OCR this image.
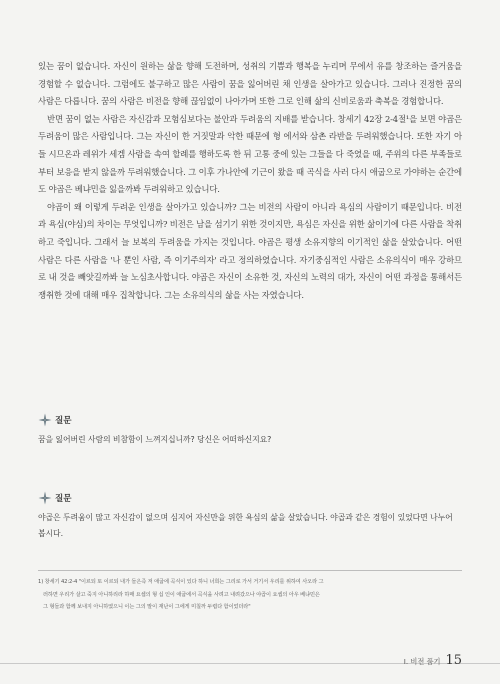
있는 꿈이 없습니다. 자신이 원하는 삶을 향해 도전하며, 성취의 기쁨과 행복을 누리며 무에서 유를 창조하는 즐거움을 경험할 수 없습니다. 그럼에도 불구하고 많은 사람이 꿈을 잃어버린 채 인생을 살아가고 있습니다. 그러나 진정한 꿈의 사람은 다릅니다. 꿈의 사람은 비전을 향해 끊임없이 나아가며 또한 그로 인해 삶의 신비로움과 축복을 경험합니다.

반면 꿈이 없는 사람은 자신감과 모험심보다는 불안과 두려움의 지배를 받습니다. 창세기 42장 2-4절¹을 보면 야곱은 두려움이 많은 사람입니다. 그는 자신이 한 거짓말과 악한 때문에 형 에서와 삼촌 라반을 두려워했습니다. 또한 자기 아들 시므온과 레위가 세겜 사람을 속여 할례를 행하도록 한 뒤 고통 중에 있는 그들을 다 죽였을 때, 주위의 다른 부족들로부터 보응을 받지 않을까 두려워했습니다. 그 이후 가나안에 기근이 왔을 때 곡식을 사러 다시 애굽으로 가야하는 순간에도 야곱은 베냐민을 잃을까봐 두려워하고 있습니다.

야곱이 왜 이렇게 두려운 인생을 살아가고 있습니까? 그는 비전의 사람이 아니라 욕심의 사람이기 때문입니다. 비전과 욕심(야심)의 차이는 무엇입니까? 비전은 남을 섬기기 위한 것이지만, 욕심은 자신을 위한 삶이기에 다른 사람을 착취하고 죽입니다. 그래서 늘 보복의 두려움을 가지는 것입니다. 야곱은 평생 소유지향의 이기적인 삶을 살았습니다. 어떤 사람은 다른 사람을 '나 뿐인 사람, 즉 이기주의자' 라고 정의하였습니다. 자기중심적인 사람은 소유의식이 매우 강하므로 내 것을 빼앗길까봐 늘 노심초사합니다. 야곱은 자신이 소유한 것, 자신의 노력의 대가, 자신이 어떤 과정을 통해서든 쟁취한 것에 대해 매우 집착합니다. 그는 소유의식의 삶을 사는 자였습니다.

질문
꿈을 잃어버린 사람의 비참함이 느껴지십니까? 당신은 어떠하신지요?
질문
야곱은 두려움이 많고 자신감이 없으며 심지어 자신만을 위한 욕심의 삶을 살았습니다. 야곱과 같은 경험이 있었다면 나누어 봅시다.
1) 창세기 42:2-4 "이르되 또 이르되 내가 들은즉 저 애굽에 곡식이 있다 하니 너희는 그리로 가서 거기서 우리를 위하여 사오라 그
러하면 우리가 살고 죽지 아니하리라 하매 요셉의 형 십 인이 애굽에서 곡식을 사려고 내려갔으나 야곱이 요셉의 아우 베냐민은
그 형들과 함께 보내지 아니하였으니 이는 그의 말이 재난이 그에게 미칠까 두렵다 함이었더라"
Ⅰ. 비전 품기 15
